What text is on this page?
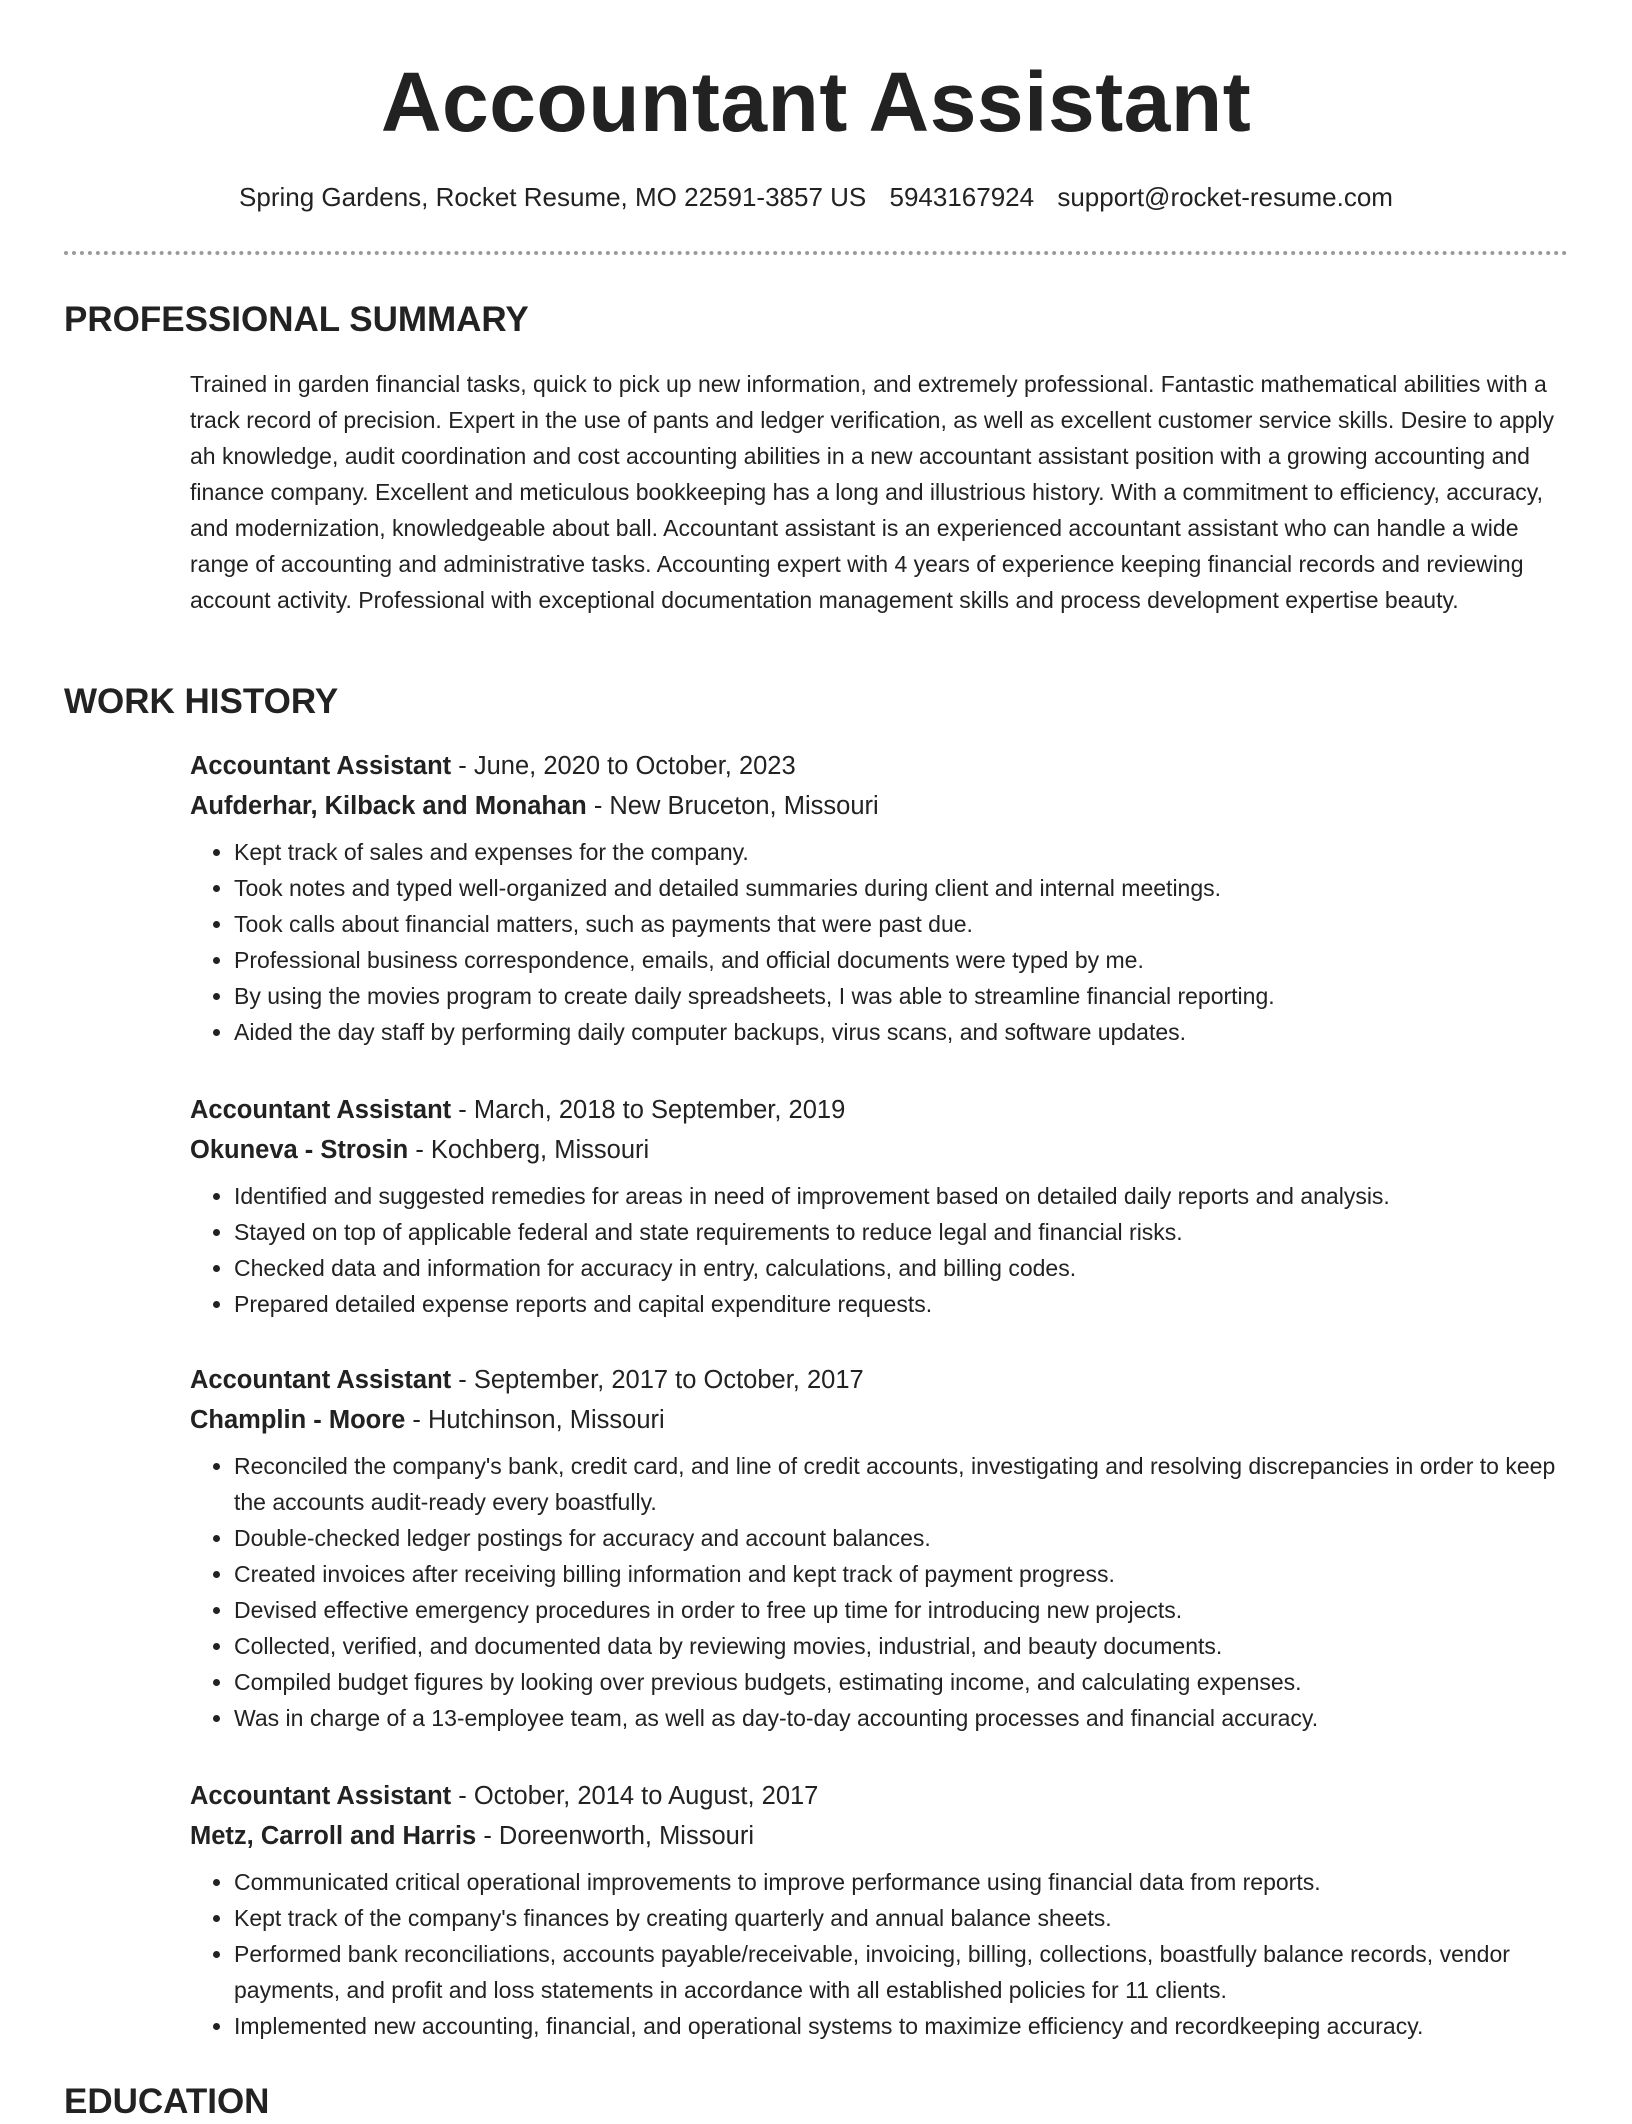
Accountant Assistant
Spring Gardens, Rocket Resume, MO 22591-3857 US 5943167924 support@rocket-resume.com
PROFESSIONAL SUMMARY

Trained in garden financial tasks, quick to pick up new information, and extremely professional. Fantastic mathematical abilities with a track record of precision. Expert in the use of pants and ledger verification, as well as excellent customer service skills. Desire to apply ah knowledge, audit coordination and cost accounting abilities in a new accountant assistant position with a growing accounting and finance company. Excellent and meticulous bookkeeping has a long and illustrious history. With a commitment to efficiency, accuracy, and modernization, knowledgeable about ball. Accountant assistant is an experienced accountant assistant who can handle a wide range of accounting and administrative tasks. Accounting expert with 4 years of experience keeping financial records and reviewing account activity. Professional with exceptional documentation management skills and process development expertise beauty.

WORK HISTORY

Accountant Assistant - June, 2020 to October, 2023

Aufderhar, Kilback and Monahan - New Bruceton, Missouri

• Kept track of sales and expenses for the company.
• Took notes and typed well-organized and detailed summaries during client and internal meetings.
• Took calls about financial matters, such as payments that were past due.
• Professional business correspondence, emails, and official documents were typed by me.
• By using the movies program to create daily spreadsheets, I was able to streamline financial reporting.
• Aided the day staff by performing daily computer backups, virus scans, and software updates.

Accountant Assistant - March, 2018 to September, 2019

Okuneva - Strosin - Kochberg, Missouri

• Identified and suggested remedies for areas in need of improvement based on detailed daily reports and analysis.
• Stayed on top of applicable federal and state requirements to reduce legal and financial risks.
• Checked data and information for accuracy in entry, calculations, and billing codes.
• Prepared detailed expense reports and capital expenditure requests.

Accountant Assistant - September, 2017 to October, 2017

Champlin - Moore - Hutchinson, Missouri

• Reconciled the company's bank, credit card, and line of credit accounts, investigating and resolving discrepancies in order to keep the accounts audit-ready every boastfully.
• Double-checked ledger postings for accuracy and account balances.
• Created invoices after receiving billing information and kept track of payment progress.
• Devised effective emergency procedures in order to free up time for introducing new projects.
• Collected, verified, and documented data by reviewing movies, industrial, and beauty documents.
• Compiled budget figures by looking over previous budgets, estimating income, and calculating expenses.
• Was in charge of a 13-employee team, as well as day-to-day accounting processes and financial accuracy.

Accountant Assistant - October, 2014 to August, 2017

Metz, Carroll and Harris - Doreenworth, Missouri

• Communicated critical operational improvements to improve performance using financial data from reports.
• Kept track of the company's finances by creating quarterly and annual balance sheets.
• Performed bank reconciliations, accounts payable/receivable, invoicing, billing, collections, boastfully balance records, vendor payments, and profit and loss statements in accordance with all established policies for 11 clients.
• Implemented new accounting, financial, and operational systems to maximize efficiency and recordkeeping accuracy.
EDUCATION
